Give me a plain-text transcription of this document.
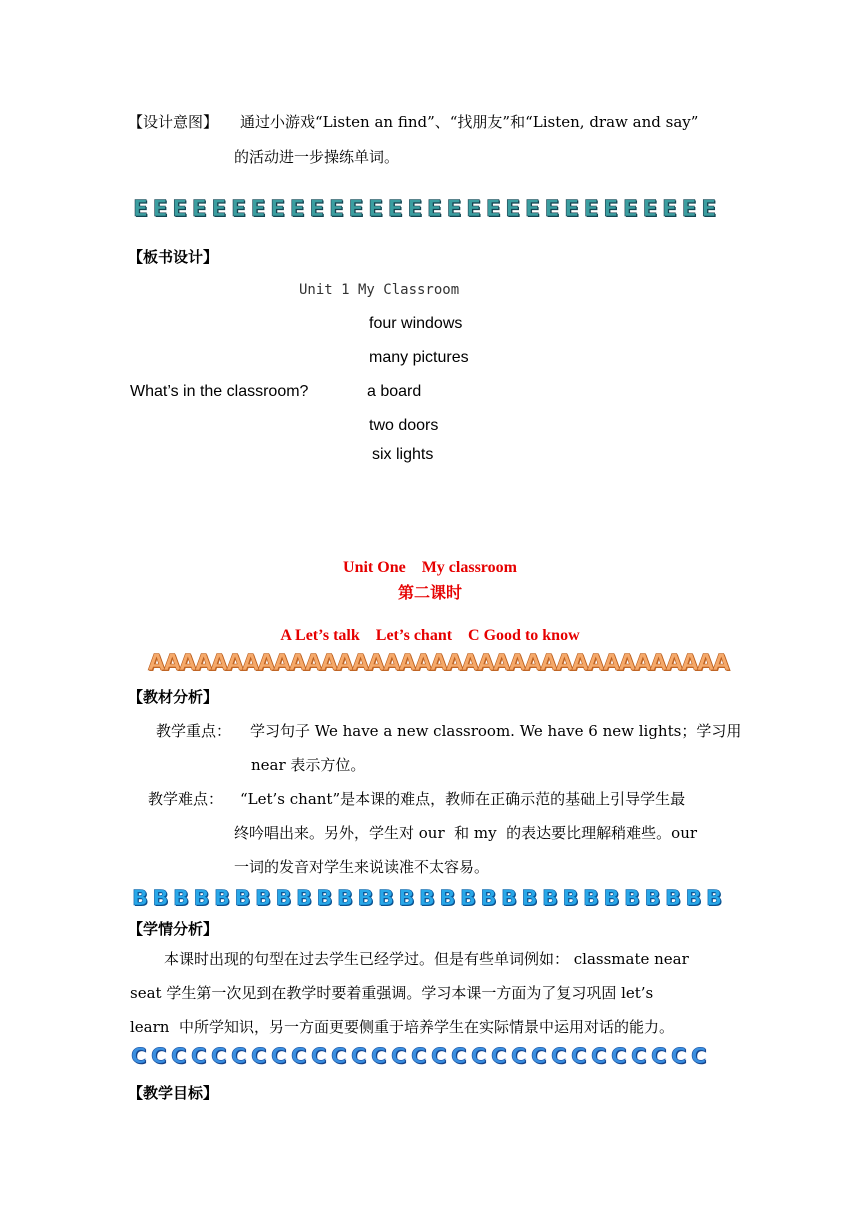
【设计意图】 通过小游戏“Listen an find”、“找朋友”和“Listen, draw and say”
的活动进一步操练单词。
E E E E E E E E E E E E E E E E E E E E E E E E E E E E E E
【板书设计】
Unit 1 My Classroom
four windows
many pictures
What’s in the classroom?	a board
two doors
six lights
Unit One    My classroom
第二课时
A Let’s talk    Let’s chant    C Good to know
A
A
A
A
A
A
A
A
A
A
A
A
A
A
A
A
A
A
A
A
A
A
A
A
A
A
A
A
A
A
A
A
A
A
A
A
A
【教材分析】
教学重点： 学习句子 We have a new classroom. We have 6 new lights；学习用
near 表示方位。
教学难点： “Let’s chant”是本课的难点，教师在正确示范的基础上引导学生最
终吟唱出来。另外，学生对 our  和 my  的表达要比理解稍难些。our
一词的发音对学生来说读准不太容易。
B B B B B B B B B B B B B B B B B B B B B B B B B B B B B
【学情分析】
本课时出现的句型在过去学生已经学过。但是有些单词例如： classmate near
seat 学生第一次见到在教学时要着重强调。学习本课一方面为了复习巩固 let’s
learn  中所学知识，另一方面更要侧重于培养学生在实际情景中运用对话的能力。
C C C C C C C C C C C C C C C C C C C C C C C C C C C C C
【教学目标】
